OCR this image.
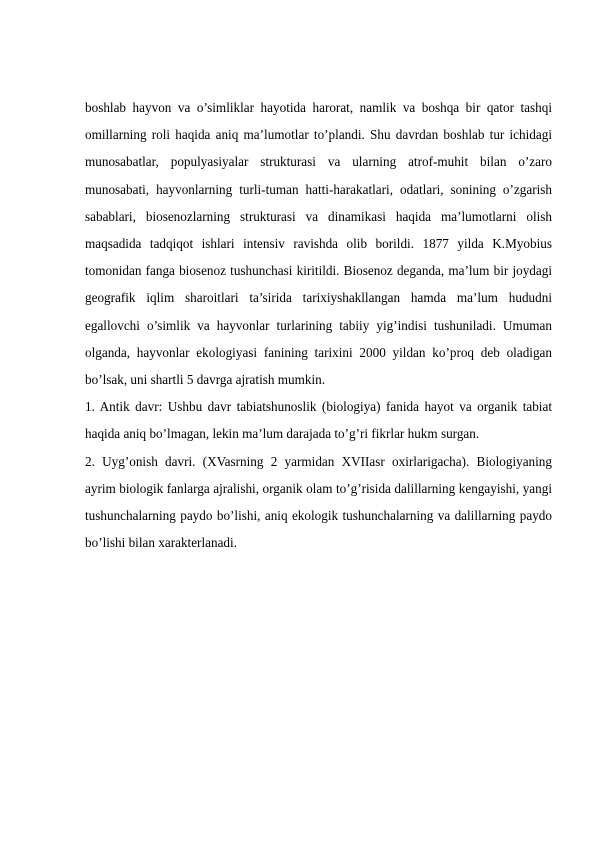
boshlab hayvon va o’simliklar hayotida harorat, namlik va boshqa bir qator tashqi omillarning roli haqida aniq ma’lumotlar to’plandi. Shu davrdan boshlab tur ichidagi munosabatlar, populyasiyalar strukturasi va ularning atrof-muhit bilan o’zaro munosabati, hayvonlarning turli-tuman hatti-harakatlari, odatlari, sonining o’zgarish sabablari, biosenozlarning strukturasi va dinamikasi haqida ma’lumotlarni olish maqsadida tadqiqot ishlari intensiv ravishda olib borildi. 1877 yilda K.Myobius tomonidan fanga biosenoz tushunchasi kiritildi. Biosenoz deganda, ma’lum bir joydagi geografik iqlim sharoitlari ta’sirida tarixiyshakllangan hamda ma’lum hududni egallovchi o’simlik va hayvonlar turlarining tabiiy yig’indisi tushuniladi. Umuman olganda, hayvonlar ekologiyasi fanining tarixini 2000 yildan ko’proq deb oladigan bo’lsak, uni shartli 5 davrga ajratish mumkin.

1. Antik davr: Ushbu davr tabiatshunoslik (biologiya) fanida hayot va organik tabiat haqida aniq bo’lmagan, lekin ma’lum darajada to’g’ri fikrlar hukm surgan.

2. Uyg’onish davri. (XVasrning 2 yarmidan XVIIasr oxirlarigacha). Biologiyaning ayrim biologik fanlarga ajralishi, organik olam to’g’risida dalillarning kengayishi, yangi tushunchalarning paydo bo’lishi, aniq ekologik tushunchalarning va dalillarning paydo bo’lishi bilan xarakterlanadi.
